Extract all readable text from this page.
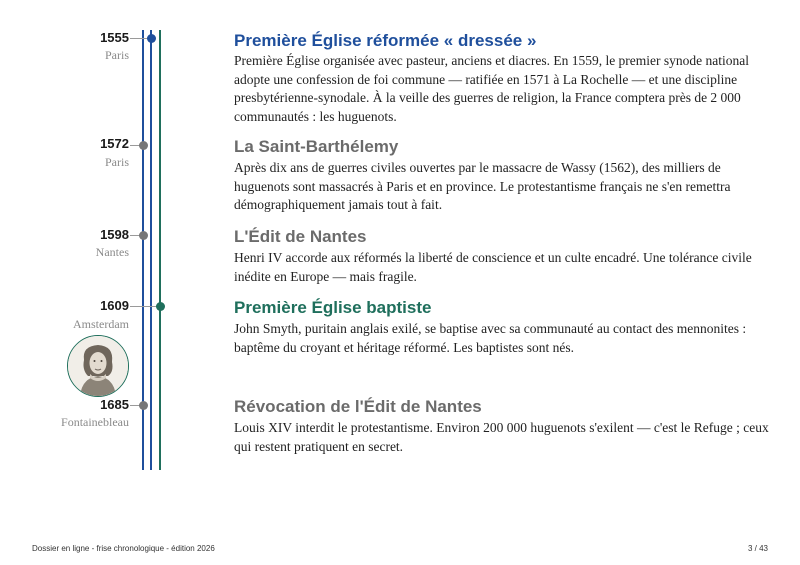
1555
Paris
Première Église réformée « dressée »
Première Église organisée avec pasteur, anciens et diacres. En 1559, le premier synode national adopte une confession de foi commune — ratifiée en 1571 à La Rochelle — et une discipline presbytérienne-synodale. À la veille des guerres de religion, la France comptera près de 2 000 communautés : les huguenots.
1572
Paris
La Saint-Barthélemy
Après dix ans de guerres civiles ouvertes par le massacre de Wassy (1562), des milliers de huguenots sont massacrés à Paris et en province. Le protestantisme français ne s'en remettra démographiquement jamais tout à fait.
1598
Nantes
L'Édit de Nantes
Henri IV accorde aux réformés la liberté de conscience et un culte encadré. Une tolérance civile inédite en Europe — mais fragile.
1609
Amsterdam
Première Église baptiste
John Smyth, puritain anglais exilé, se baptise avec sa communauté au contact des mennonites : baptême du croyant et héritage réformé. Les baptistes sont nés.
1685
Fontainebleau
Révocation de l'Édit de Nantes
Louis XIV interdit le protestantisme. Environ 200 000 huguenots s'exilent — c'est le Refuge ; ceux qui restent pratiquent en secret.
Dossier en ligne - frise chronologique - édition 2026	3 / 43
